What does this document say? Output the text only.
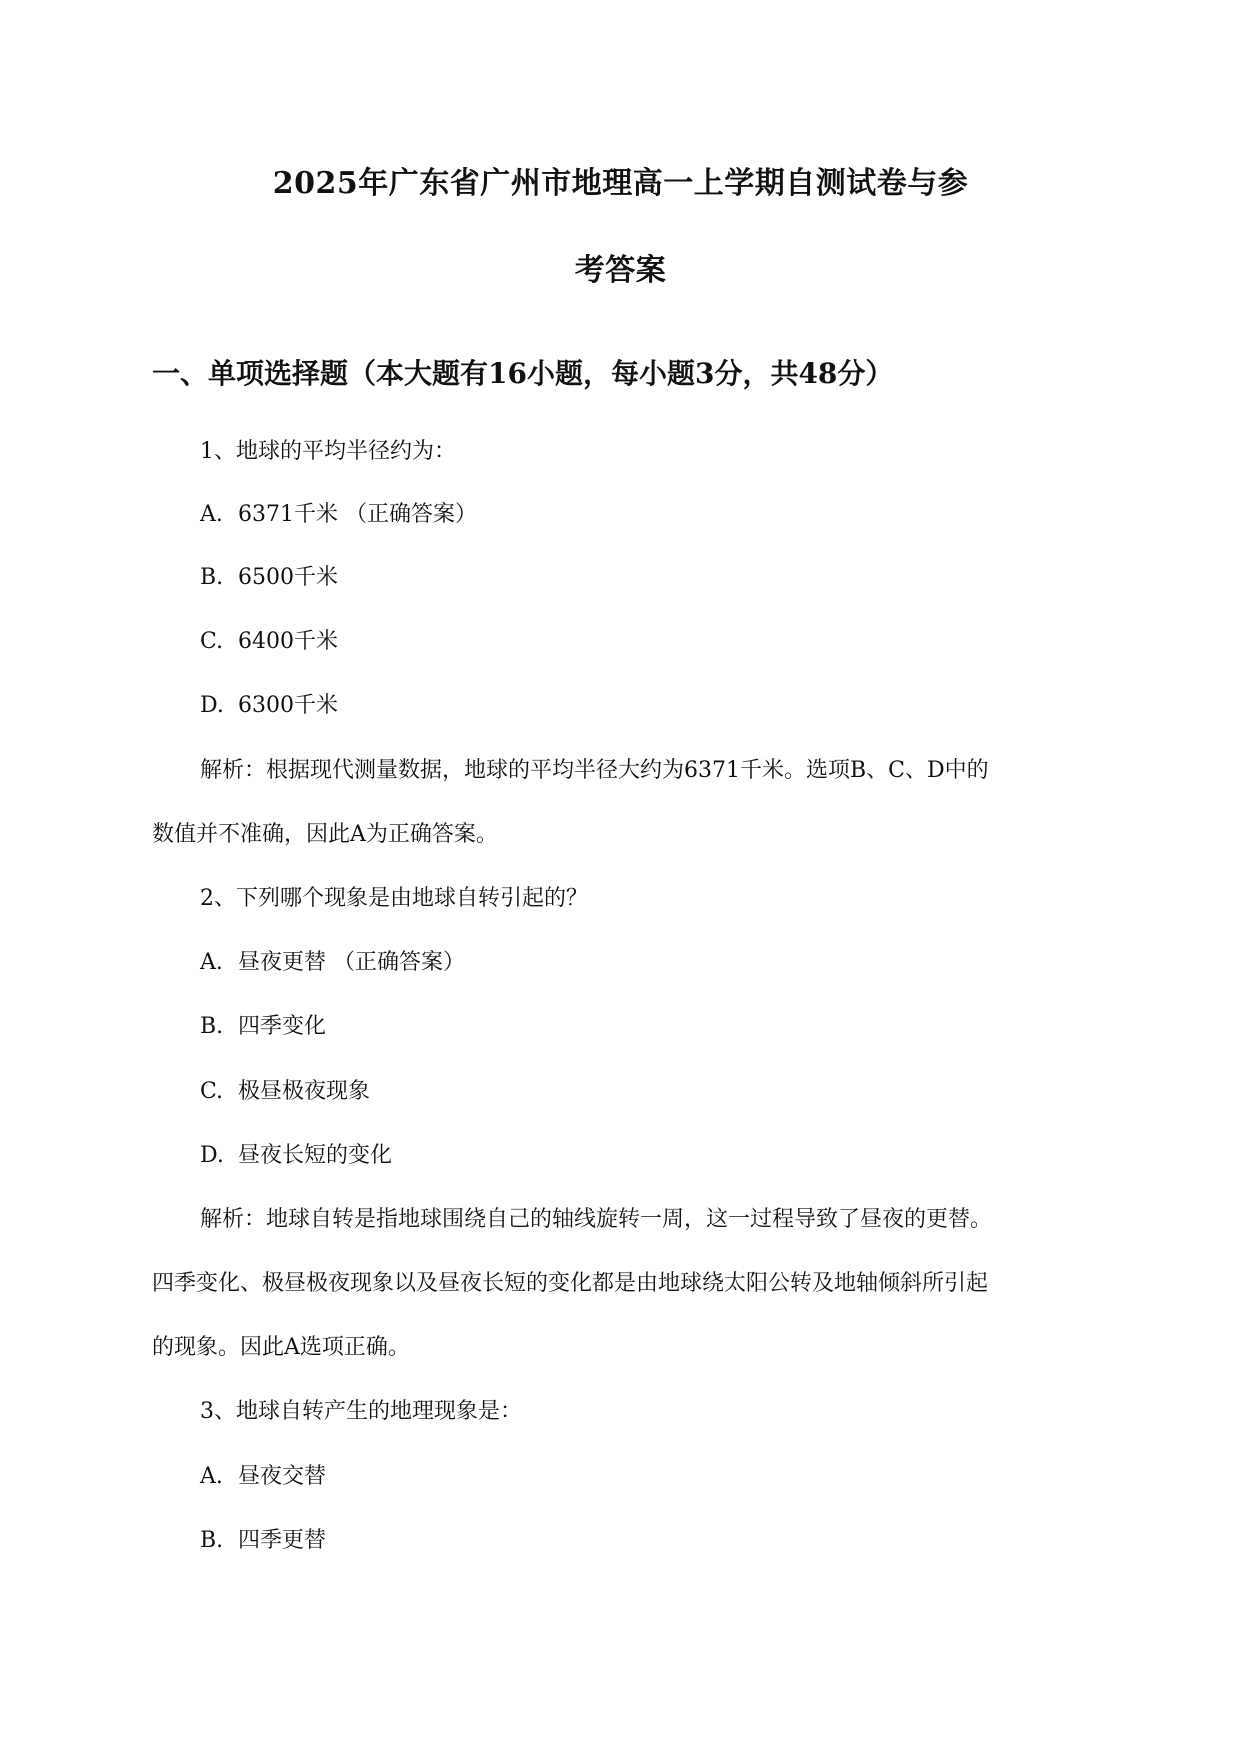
2025年广东省广州市地理高一上学期自测试卷与参
考答案
一、单项选择题（本大题有16小题，每小题3分，共48分）
1、地球的平均半径约为：
A. 6371千米 （正确答案）
B. 6500千米
C. 6400千米
D. 6300千米
解析：根据现代测量数据，地球的平均半径大约为6371千米。选项B、C、D中的
数值并不准确，因此A为正确答案。
2、下列哪个现象是由地球自转引起的？
A. 昼夜更替 （正确答案）
B. 四季变化
C. 极昼极夜现象
D. 昼夜长短的变化
解析：地球自转是指地球围绕自己的轴线旋转一周，这一过程导致了昼夜的更替。
四季变化、极昼极夜现象以及昼夜长短的变化都是由地球绕太阳公转及地轴倾斜所引起
的现象。因此A选项正确。
3、地球自转产生的地理现象是：
A. 昼夜交替
B. 四季更替
